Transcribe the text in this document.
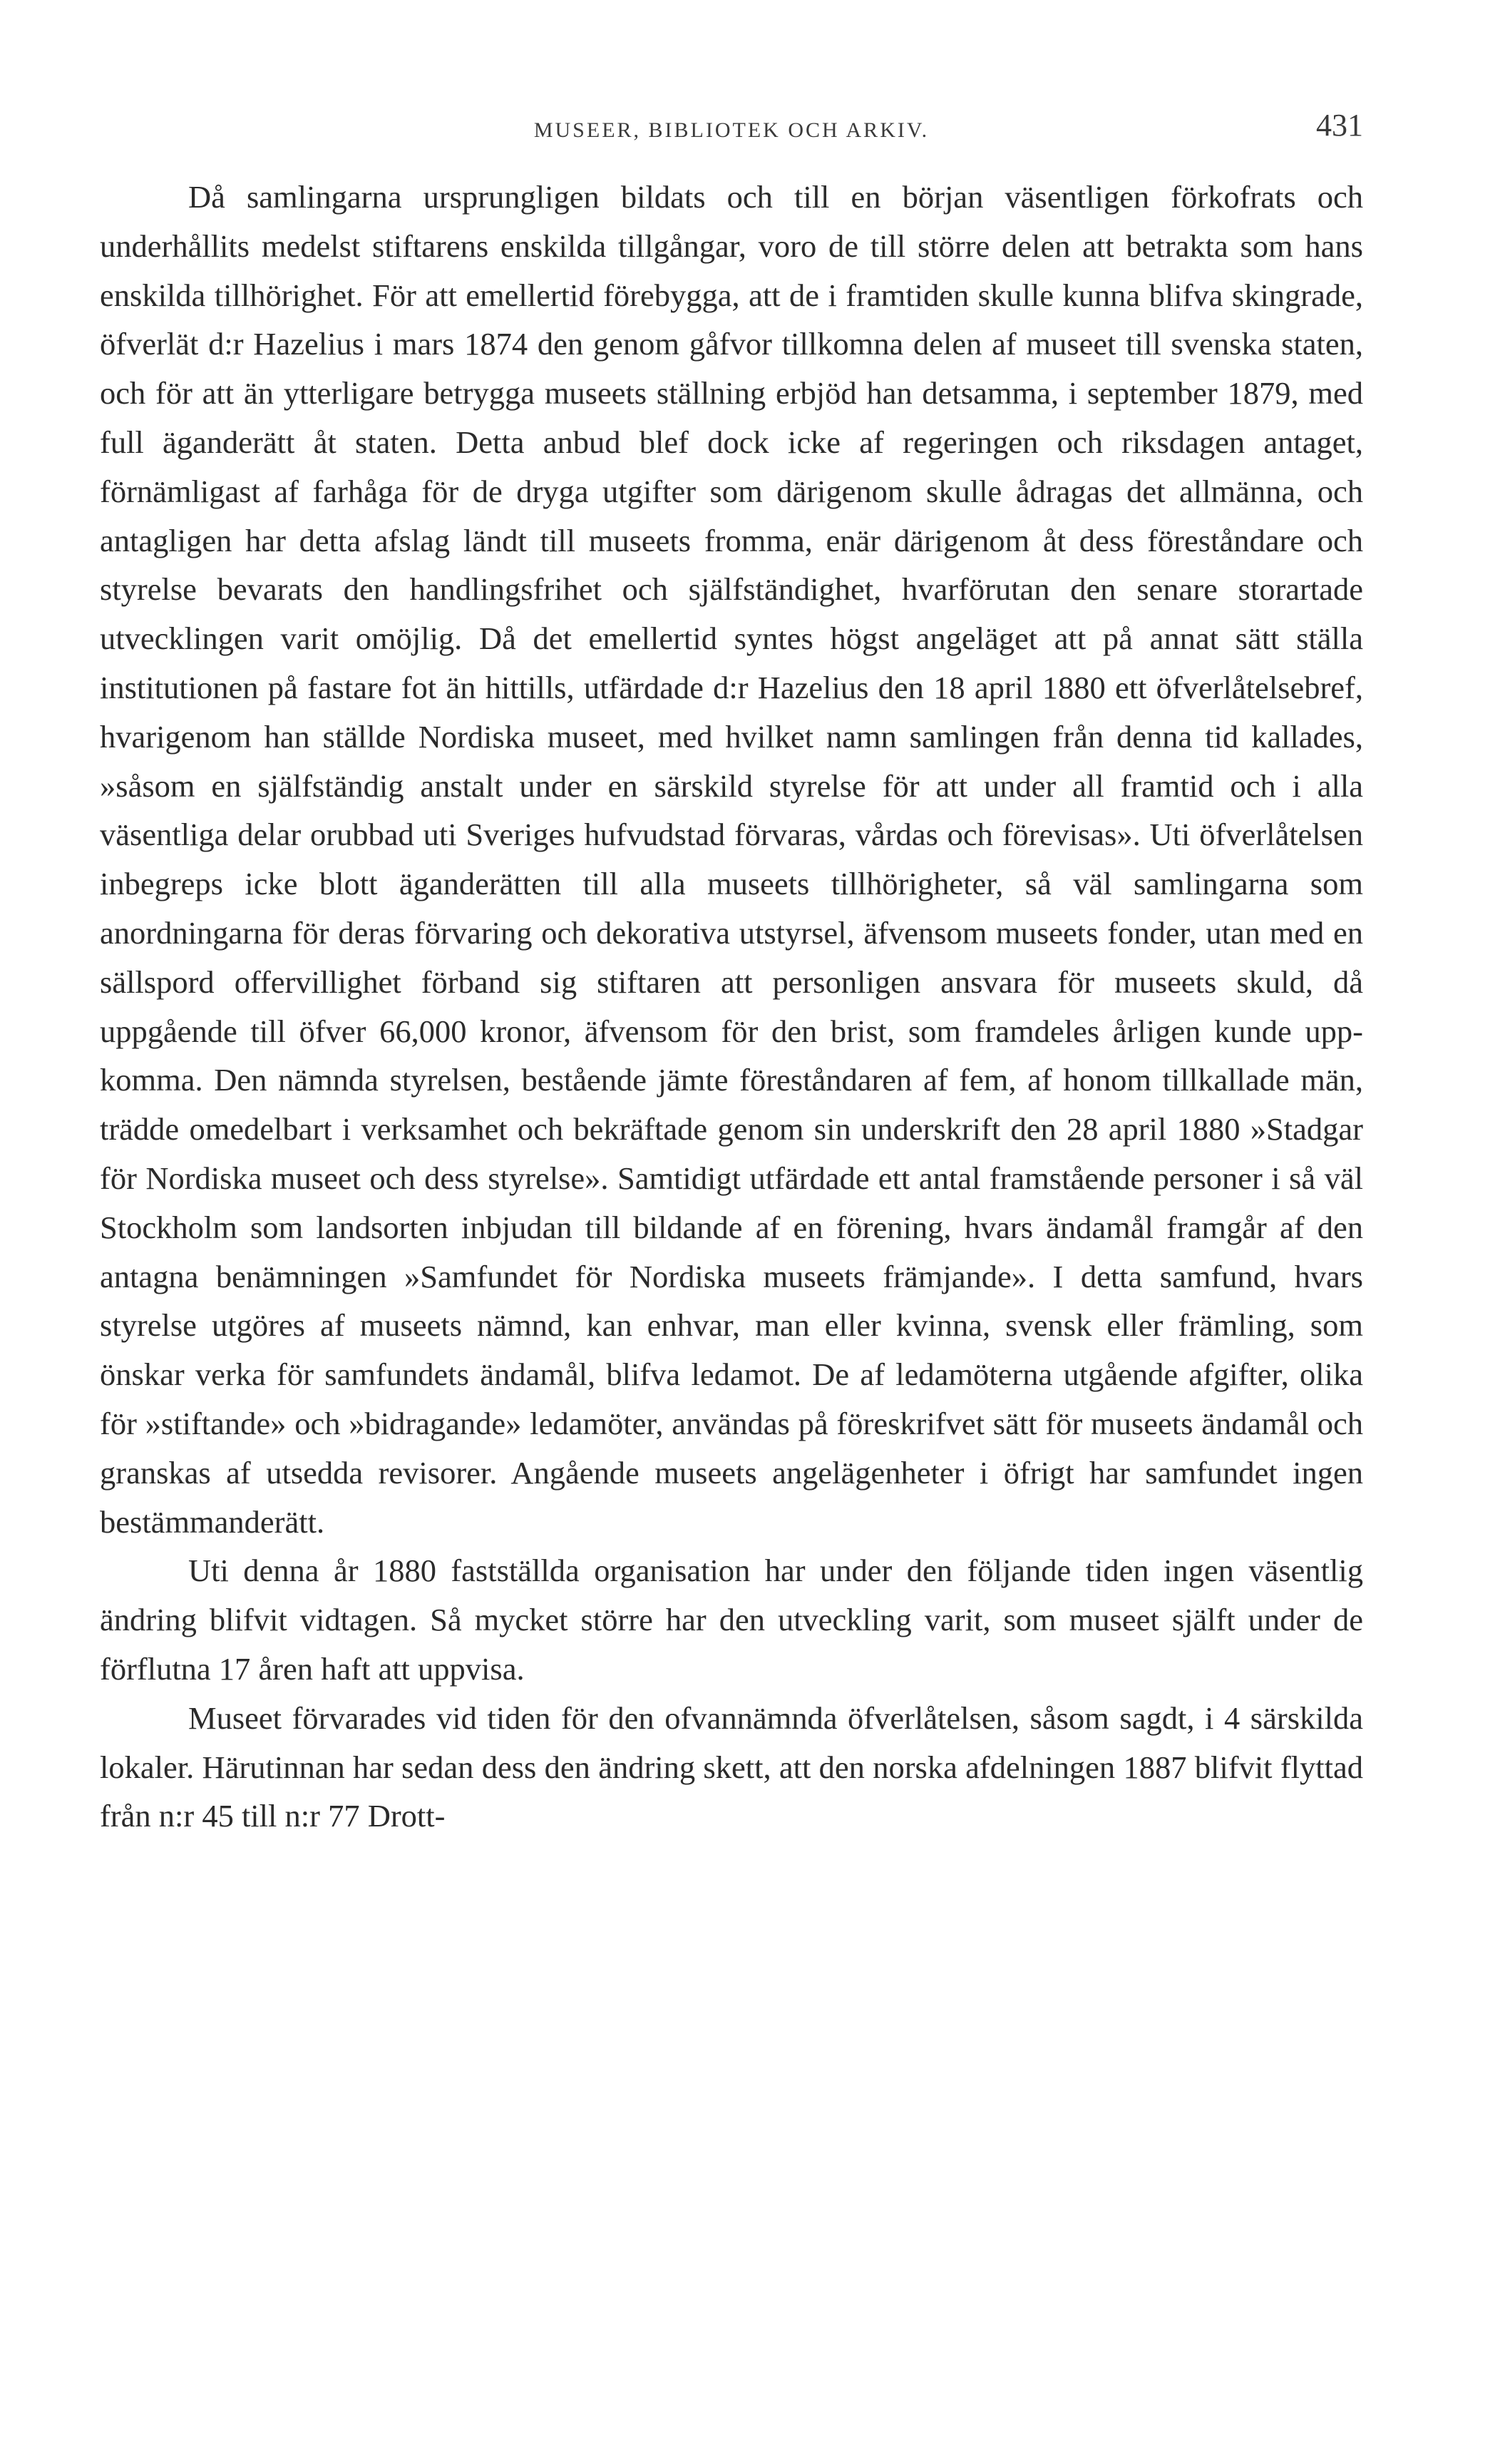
MUSEER, BIBLIOTEK OCH ARKIV.	431

Då samlingarna ursprungligen bildats och till en början väsentligen förkofrats och underhållits medelst stiftarens enskilda tillgångar, voro de till större delen att betrakta som hans enskilda tillhörighet. För att emellertid förebygga, att de i framtiden skulle kunna blifva skingrade, öfverlät d:r Hazelius i mars 1874 den genom gåfvor tillkomna delen af museet till svenska staten, och för att än ytterligare betrygga museets ställning erbjöd han detsamma, i september 1879, med full äganderätt åt staten. Detta anbud blef dock icke af regeringen och riksdagen antaget, förnämligast af farhåga för de dryga utgifter som därigenom skulle ådragas det allmänna, och antagligen har detta afslag ländt till museets fromma, enär därigenom åt dess föreståndare och styrelse bevarats den handlingsfrihet och själfständighet, hvarförutan den senare storartade utvecklingen varit omöjlig. Då det emellertid syntes högst angeläget att på annat sätt ställa institutionen på fastare fot än hittills, utfärdade d:r Hazelius den 18 april 1880 ett öfverlåtelsebref, hvarigenom han ställde Nordiska museet, med hvilket namn samlingen från denna tid kallades, »såsom en själfständig anstalt under en särskild styrelse för att under all framtid och i alla väsentliga delar orubbad uti Sveriges hufvudstad förvaras, vårdas och förevisas». Uti öfverlåtelsen inbegreps icke blott äganderätten till alla museets tillhörigheter, så väl samlingarna som anordningarna för deras förvaring och dekorativa utstyrsel, äfvensom museets fonder, utan med en sällspord offervillighet förband sig stiftaren att personligen ansvara för museets skuld, då uppgående till öfver 66,000 kronor, äfvensom för den brist, som framdeles årligen kunde uppkomma. Den nämnda styrelsen, bestående jämte föreståndaren af fem, af honom tillkallade män, trädde omedelbart i verksamhet och bekräftade genom sin underskrift den 28 april 1880 »Stadgar för Nordiska museet och dess styrelse». Samtidigt utfärdade ett antal framstående personer i så väl Stockholm som landsorten inbjudan till bildande af en förening, hvars ändamål framgår af den antagna benämningen »Samfundet för Nordiska museets främjande». I detta samfund, hvars styrelse utgöres af museets nämnd, kan enhvar, man eller kvinna, svensk eller främling, som önskar verka för samfundets ändamål, blifva ledamot. De af ledamöterna utgående afgifter, olika för »stiftande» och »bidragande» ledamöter, användas på föreskrifvet sätt för museets ändamål och granskas af utsedda revisorer. Angående museets angelägenheter i öfrigt har samfundet ingen bestämmanderätt.

Uti denna år 1880 fastställda organisation har under den följande tiden ingen väsentlig ändring blifvit vidtagen. Så mycket större har den utveckling varit, som museet själft under de förflutna 17 åren haft att uppvisa.

Museet förvarades vid tiden för den ofvannämnda öfverlåtelsen, såsom sagdt, i 4 särskilda lokaler. Härutinnan har sedan dess den ändring skett, att den norska afdelningen 1887 blifvit flyttad från n:r 45 till n:r 77 Drott-
